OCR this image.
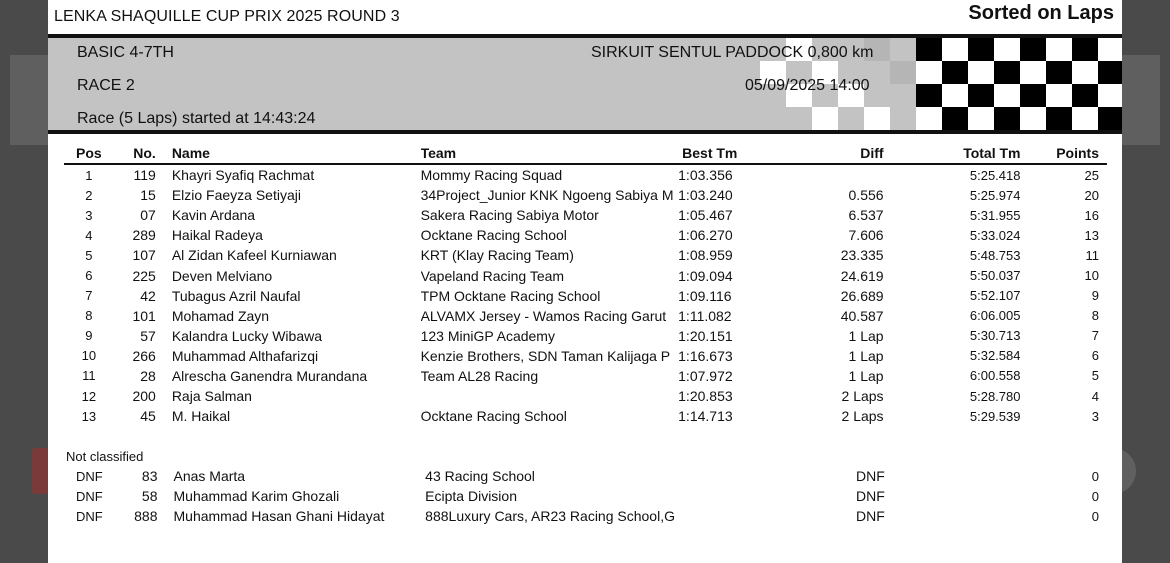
LENKA SHAQUILLE CUP PRIX 2025 ROUND 3	Sorted on Laps
BASIC 4-7TH
RACE 2
Race (5 Laps) started at 14:43:24
SIRKUIT SENTUL PADDOCK 0,800 km
05/09/2025 14:00
Pos	No.	Name	Team	Best Tm	Diff	Total Tm	Points
1	119	Khayri Syafiq Rachmat	Mommy Racing Squad	1:03.356		5:25.418	25
2	15	Elzio Faeyza Setiyaji	34Project_Junior KNK Ngoeng Sabiya M	1:03.240	0.556	5:25.974	20
3	07	Kavin Ardana	Sakera Racing Sabiya Motor	1:05.467	6.537	5:31.955	16
4	289	Haikal Radeya	Ocktane Racing School	1:06.270	7.606	5:33.024	13
5	107	Al Zidan Kafeel Kurniawan	KRT (Klay Racing Team)	1:08.959	23.335	5:48.753	11
6	225	Deven Melviano	Vapeland Racing Team	1:09.094	24.619	5:50.037	10
7	42	Tubagus Azril Naufal	TPM Ocktane Racing School	1:09.116	26.689	5:52.107	9
8	101	Mohamad Zayn	ALVAMX Jersey - Wamos Racing Garut	1:11.082	40.587	6:06.005	8
9	57	Kalandra Lucky Wibawa	123 MiniGP Academy	1:20.151	1 Lap	5:30.713	7
10	266	Muhammad Althafarizqi	Kenzie Brothers, SDN Taman Kalijaga P	1:16.673	1 Lap	5:32.584	6
11	28	Alrescha Ganendra Murandana	Team AL28 Racing	1:07.972	1 Lap	6:00.558	5
12	200	Raja Salman		1:20.853	2 Laps	5:28.780	4
13	45	M. Haikal	Ocktane Racing School	1:14.713	2 Laps	5:29.539	3
Not classified
DNF	83	Anas Marta	43 Racing School		DNF		0
DNF	58	Muhammad Karim Ghozali	Ecipta Division		DNF		0
DNF	888	Muhammad Hasan Ghani Hidayat	888Luxury Cars, AR23 Racing School,G		DNF		0
